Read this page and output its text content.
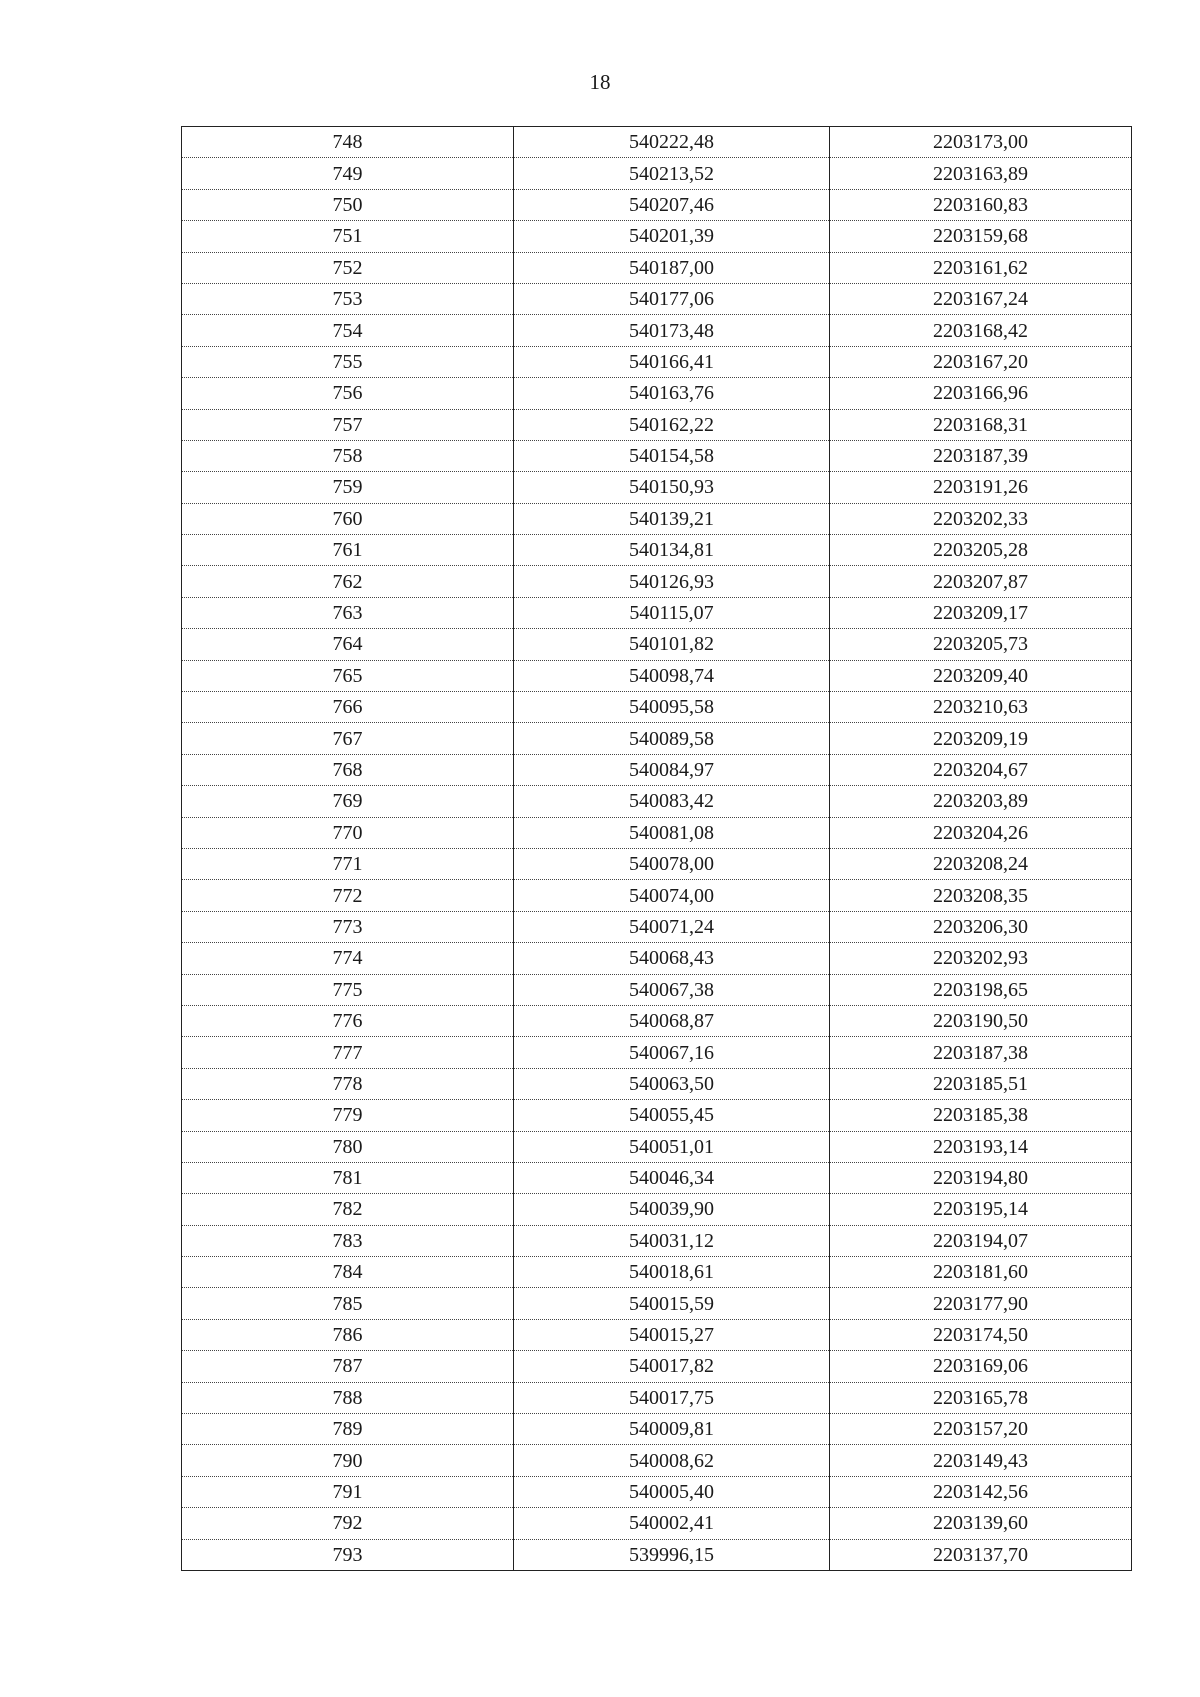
18
748	540222,48	2203173,00
749	540213,52	2203163,89
750	540207,46	2203160,83
751	540201,39	2203159,68
752	540187,00	2203161,62
753	540177,06	2203167,24
754	540173,48	2203168,42
755	540166,41	2203167,20
756	540163,76	2203166,96
757	540162,22	2203168,31
758	540154,58	2203187,39
759	540150,93	2203191,26
760	540139,21	2203202,33
761	540134,81	2203205,28
762	540126,93	2203207,87
763	540115,07	2203209,17
764	540101,82	2203205,73
765	540098,74	2203209,40
766	540095,58	2203210,63
767	540089,58	2203209,19
768	540084,97	2203204,67
769	540083,42	2203203,89
770	540081,08	2203204,26
771	540078,00	2203208,24
772	540074,00	2203208,35
773	540071,24	2203206,30
774	540068,43	2203202,93
775	540067,38	2203198,65
776	540068,87	2203190,50
777	540067,16	2203187,38
778	540063,50	2203185,51
779	540055,45	2203185,38
780	540051,01	2203193,14
781	540046,34	2203194,80
782	540039,90	2203195,14
783	540031,12	2203194,07
784	540018,61	2203181,60
785	540015,59	2203177,90
786	540015,27	2203174,50
787	540017,82	2203169,06
788	540017,75	2203165,78
789	540009,81	2203157,20
790	540008,62	2203149,43
791	540005,40	2203142,56
792	540002,41	2203139,60
793	539996,15	2203137,70
